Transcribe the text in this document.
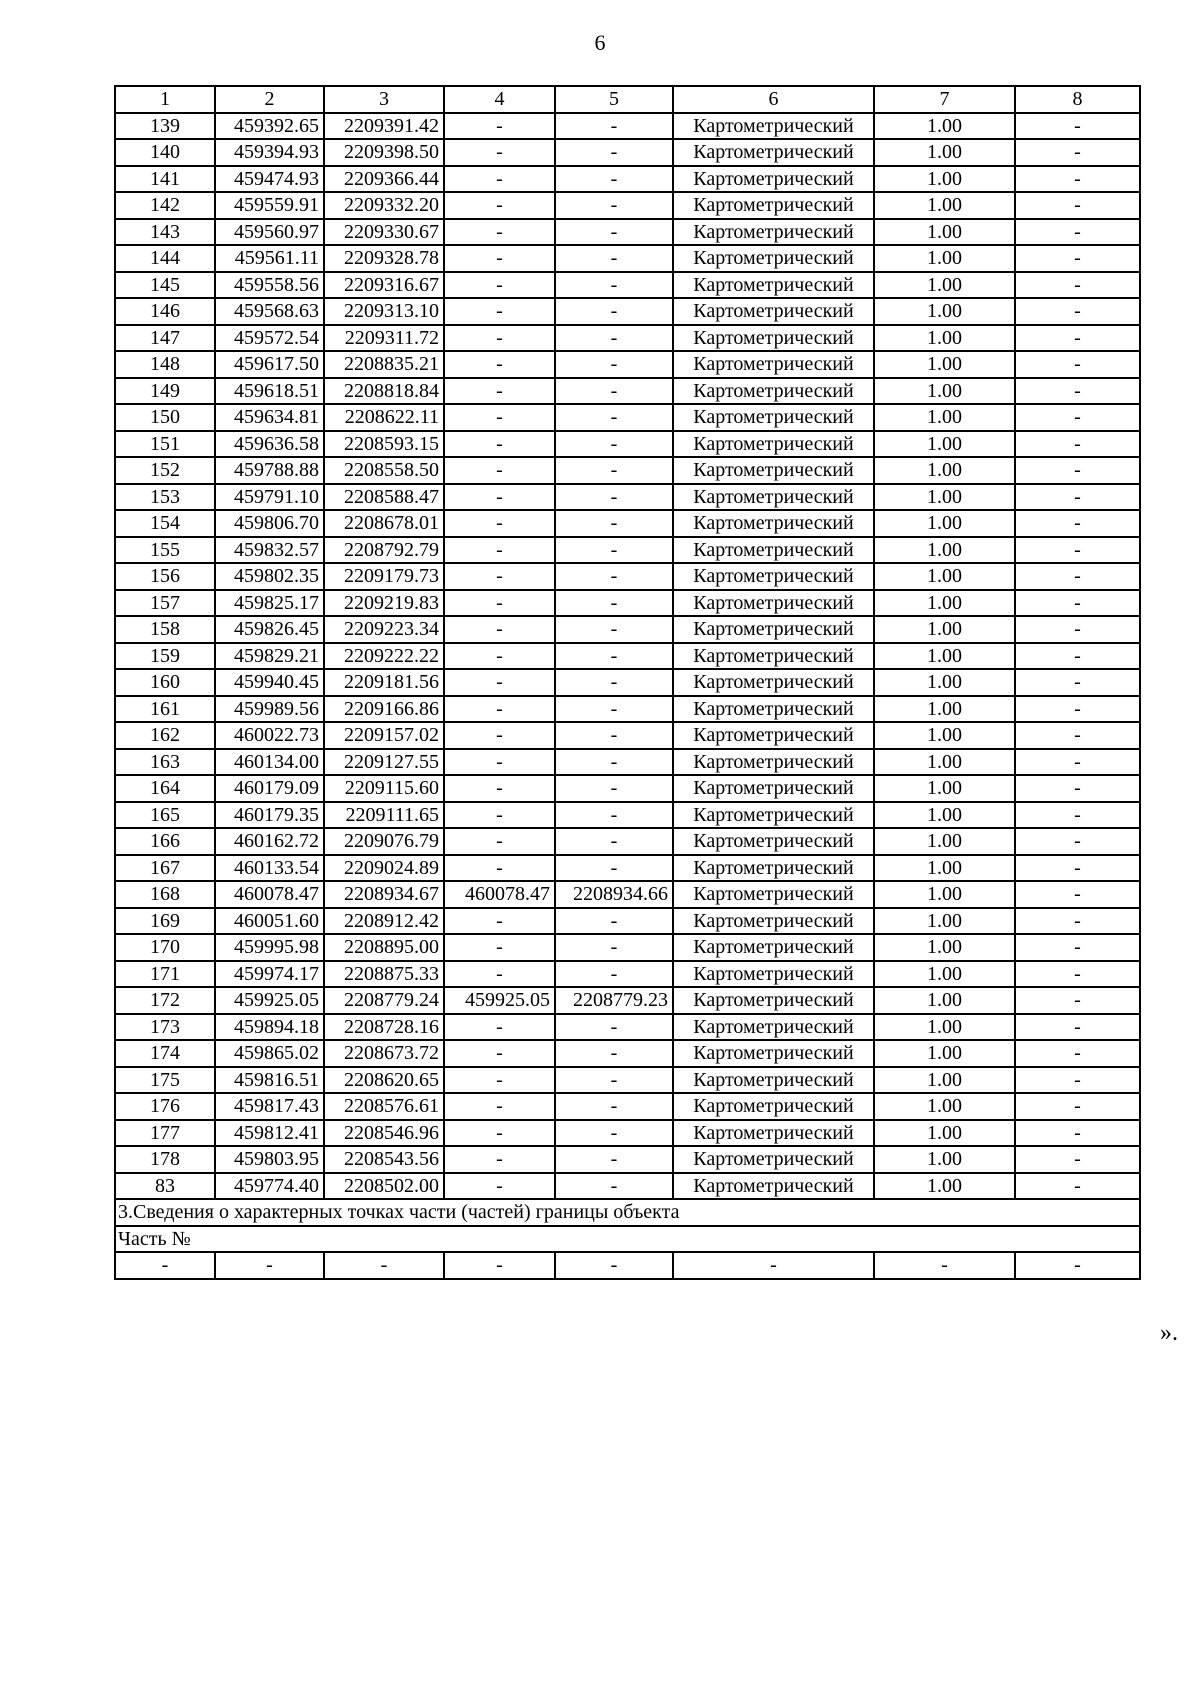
6
1	2	3	4	5	6	7	8
139	459392.65	2209391.42	-	-	Картометрический	1.00	-
140	459394.93	2209398.50	-	-	Картометрический	1.00	-
141	459474.93	2209366.44	-	-	Картометрический	1.00	-
142	459559.91	2209332.20	-	-	Картометрический	1.00	-
143	459560.97	2209330.67	-	-	Картометрический	1.00	-
144	459561.11	2209328.78	-	-	Картометрический	1.00	-
145	459558.56	2209316.67	-	-	Картометрический	1.00	-
146	459568.63	2209313.10	-	-	Картометрический	1.00	-
147	459572.54	2209311.72	-	-	Картометрический	1.00	-
148	459617.50	2208835.21	-	-	Картометрический	1.00	-
149	459618.51	2208818.84	-	-	Картометрический	1.00	-
150	459634.81	2208622.11	-	-	Картометрический	1.00	-
151	459636.58	2208593.15	-	-	Картометрический	1.00	-
152	459788.88	2208558.50	-	-	Картометрический	1.00	-
153	459791.10	2208588.47	-	-	Картометрический	1.00	-
154	459806.70	2208678.01	-	-	Картометрический	1.00	-
155	459832.57	2208792.79	-	-	Картометрический	1.00	-
156	459802.35	2209179.73	-	-	Картометрический	1.00	-
157	459825.17	2209219.83	-	-	Картометрический	1.00	-
158	459826.45	2209223.34	-	-	Картометрический	1.00	-
159	459829.21	2209222.22	-	-	Картометрический	1.00	-
160	459940.45	2209181.56	-	-	Картометрический	1.00	-
161	459989.56	2209166.86	-	-	Картометрический	1.00	-
162	460022.73	2209157.02	-	-	Картометрический	1.00	-
163	460134.00	2209127.55	-	-	Картометрический	1.00	-
164	460179.09	2209115.60	-	-	Картометрический	1.00	-
165	460179.35	2209111.65	-	-	Картометрический	1.00	-
166	460162.72	2209076.79	-	-	Картометрический	1.00	-
167	460133.54	2209024.89	-	-	Картометрический	1.00	-
168	460078.47	2208934.67	460078.47	2208934.66	Картометрический	1.00	-
169	460051.60	2208912.42	-	-	Картометрический	1.00	-
170	459995.98	2208895.00	-	-	Картометрический	1.00	-
171	459974.17	2208875.33	-	-	Картометрический	1.00	-
172	459925.05	2208779.24	459925.05	2208779.23	Картометрический	1.00	-
173	459894.18	2208728.16	-	-	Картометрический	1.00	-
174	459865.02	2208673.72	-	-	Картометрический	1.00	-
175	459816.51	2208620.65	-	-	Картометрический	1.00	-
176	459817.43	2208576.61	-	-	Картометрический	1.00	-
177	459812.41	2208546.96	-	-	Картометрический	1.00	-
178	459803.95	2208543.56	-	-	Картометрический	1.00	-
83	459774.40	2208502.00	-	-	Картометрический	1.00	-
3.Сведения о характерных точках части (частей) границы объекта							
Часть №							
-	-	-	-	-	-	-	-
».
